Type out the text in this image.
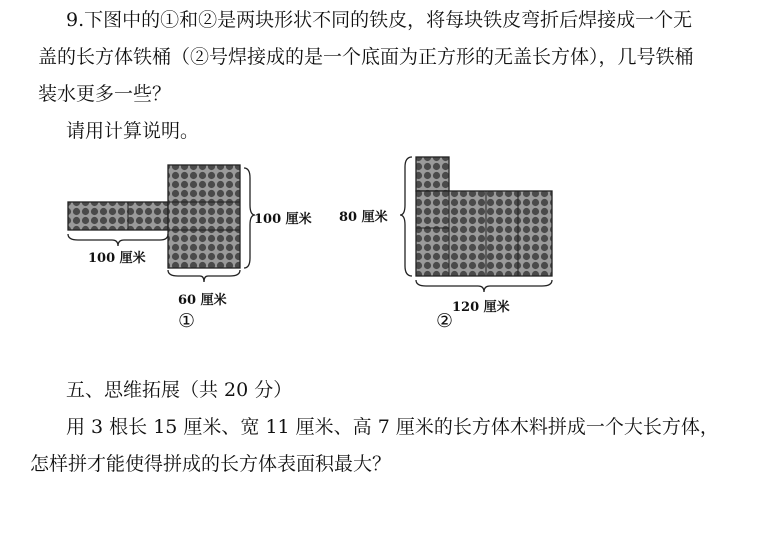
9.下图中的①和②是两块形状不同的铁皮，将每块铁皮弯折后焊接成一个无
盖的长方体铁桶（②号焊接成的是一个底面为正方形的无盖长方体），几号铁桶
装水更多一些？
请用计算说明。
100 厘米
100 厘米
60 厘米
①
80 厘米
120 厘米
②
五、思维拓展（共 20 分）
用 3 根长 15 厘米、宽 11 厘米、高 7 厘米的长方体木料拼成一个大长方体，
怎样拼才能使得拼成的长方体表面积最大？
